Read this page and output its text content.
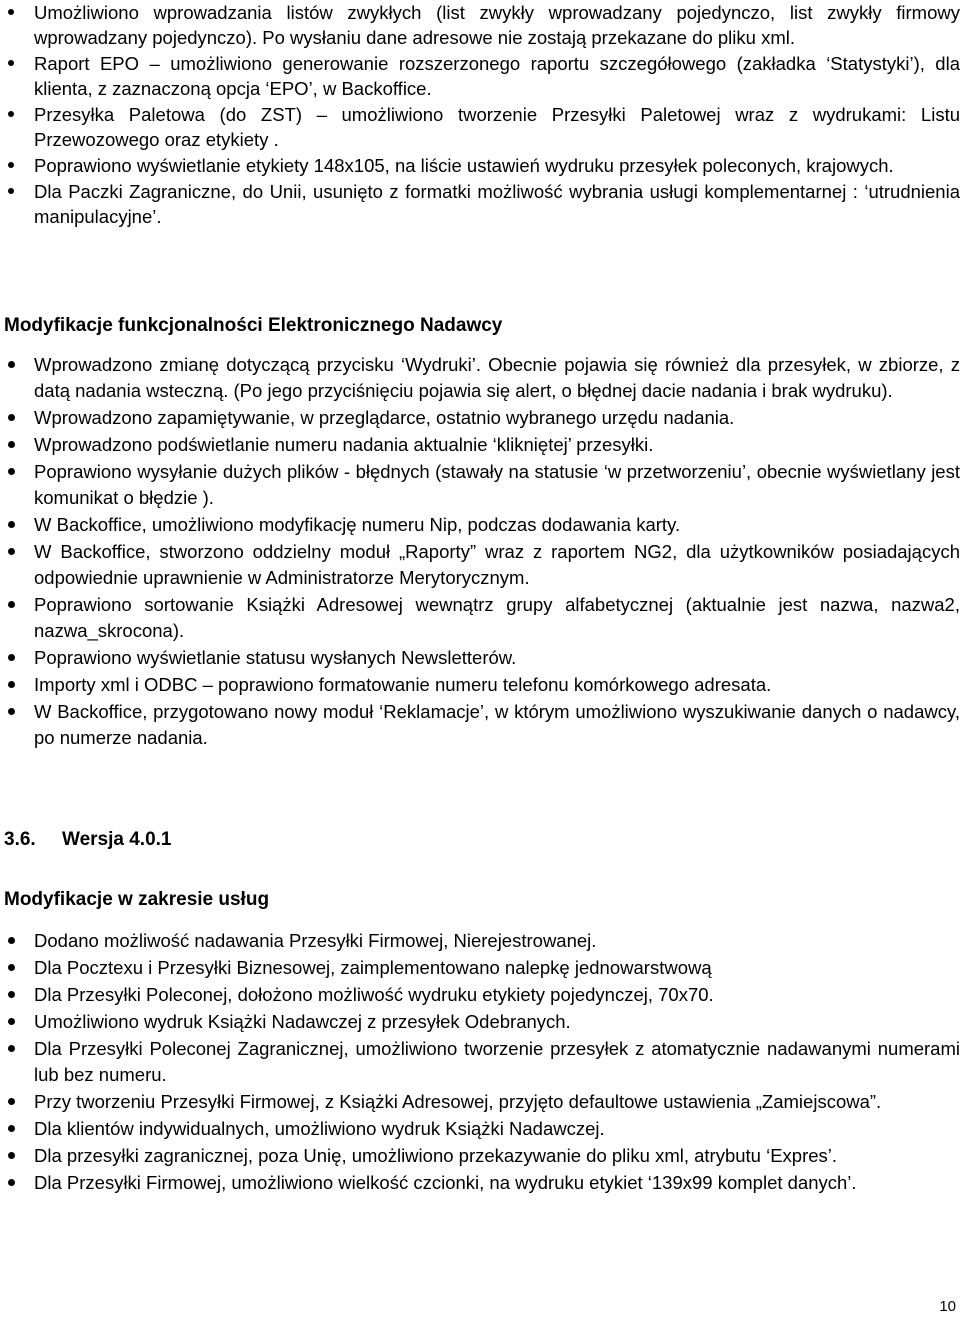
Umożliwiono wprowadzania listów zwykłych (list zwykły wprowadzany pojedynczo, list zwykły firmowy wprowadzany pojedynczo). Po wysłaniu dane adresowe nie zostają przekazane do pliku xml.
Raport EPO – umożliwiono generowanie rozszerzonego raportu szczegółowego (zakładka ‘Statystyki’), dla klienta, z zaznaczoną opcja ‘EPO’, w Backoffice.
Przesyłka Paletowa (do ZST) – umożliwiono tworzenie Przesyłki Paletowej wraz z wydrukami: Listu Przewozowego oraz etykiety .
Poprawiono wyświetlanie etykiety 148x105, na liście ustawień wydruku przesyłek poleconych, krajowych.
Dla Paczki Zagraniczne, do Unii, usunięto z formatki możliwość wybrania usługi komplementarnej : ‘utrudnienia manipulacyjne’.
Modyfikacje funkcjonalności Elektronicznego Nadawcy
Wprowadzono zmianę dotyczącą przycisku ‘Wydruki’. Obecnie pojawia się również dla przesyłek, w zbiorze, z datą nadania wsteczną. (Po jego przyciśnięciu pojawia się alert, o błędnej dacie nadania i brak wydruku).
Wprowadzono zapamiętywanie, w przeglądarce, ostatnio wybranego urzędu nadania.
Wprowadzono podświetlanie numeru nadania aktualnie ‘klikniętej’ przesyłki.
Poprawiono wysyłanie dużych plików - błędnych (stawały na statusie ‘w przetworzeniu’, obecnie wyświetlany jest komunikat o błędzie ).
W Backoffice, umożliwiono modyfikację numeru Nip, podczas dodawania karty.
W Backoffice, stworzono oddzielny moduł „Raporty” wraz z raportem NG2, dla użytkowników posiadających odpowiednie uprawnienie w Administratorze Merytorycznym.
Poprawiono sortowanie Książki Adresowej wewnątrz grupy alfabetycznej (aktualnie jest nazwa, nazwa2, nazwa_skrocona).
Poprawiono wyświetlanie statusu wysłanych Newsletterów.
Importy xml i ODBC – poprawiono formatowanie numeru telefonu komórkowego adresata.
W Backoffice, przygotowano nowy moduł ‘Reklamacje’, w którym umożliwiono wyszukiwanie danych o nadawcy, po numerze nadania.
3.6. Wersja 4.0.1
Modyfikacje w zakresie usług
Dodano możliwość nadawania Przesyłki Firmowej, Nierejestrowanej.
Dla Pocztexu i Przesyłki Biznesowej, zaimplementowano nalepkę jednowarstwową
Dla Przesyłki Poleconej, dołożono możliwość wydruku etykiety pojedynczej, 70x70.
Umożliwiono wydruk Książki Nadawczej z przesyłek Odebranych.
Dla Przesyłki Poleconej Zagranicznej, umożliwiono tworzenie przesyłek z atomatycznie nadawanymi numerami lub bez numeru.
Przy tworzeniu Przesyłki Firmowej, z Książki Adresowej, przyjęto defaultowe ustawienia „Zamiejscowa”.
Dla klientów indywidualnych, umożliwiono wydruk Książki Nadawczej.
Dla przesyłki zagranicznej, poza Unię, umożliwiono przekazywanie do pliku xml, atrybutu ‘Expres’.
Dla Przesyłki Firmowej, umożliwiono wielkość czcionki, na wydruku etykiet ‘139x99 komplet danych’.
10
